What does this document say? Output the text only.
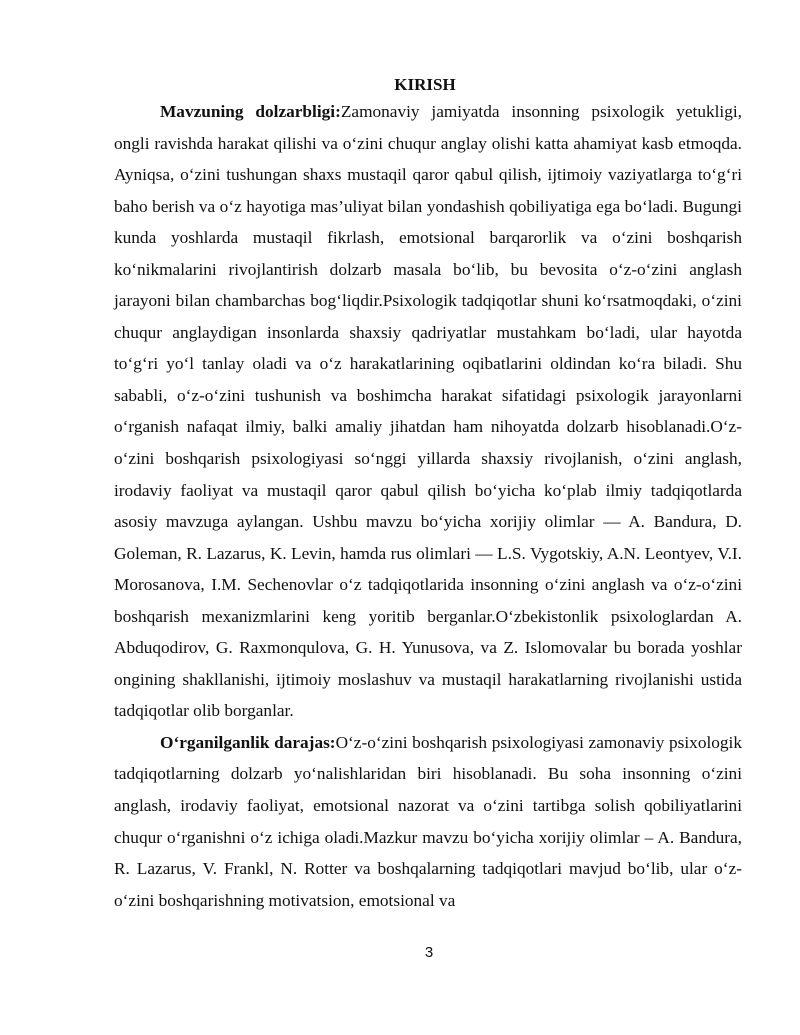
KIRISH

Mavzuning dolzarbligi:Zamonaviy jamiyatda insonning psixologik yetukligi, ongli ravishda harakat qilishi va o‘zini chuqur anglay olishi katta ahamiyat kasb etmoqda. Ayniqsa, o‘zini tushungan shaxs mustaqil qaror qabul qilish, ijtimoiy vaziyatlarga to‘g‘ri baho berish va o‘z hayotiga mas’uliyat bilan yondashish qobiliyatiga ega bo‘ladi. Bugungi kunda yoshlarda mustaqil fikrlash, emotsional barqarorlik va o‘zini boshqarish ko‘nikmalarini rivojlantirish dolzarb masala bo‘lib, bu bevosita o‘z-o‘zini anglash jarayoni bilan chambarchas bog‘liqdir.Psixologik tadqiqotlar shuni ko‘rsatmoqdaki, o‘zini chuqur anglaydigan insonlarda shaxsiy qadriyatlar mustahkam bo‘ladi, ular hayotda to‘g‘ri yo‘l tanlay oladi va o‘z harakatlarining oqibatlarini oldindan ko‘ra biladi. Shu sababli, o‘z-o‘zini tushunish va boshimcha harakat sifatidagi psixologik jarayonlarni o‘rganish nafaqat ilmiy, balki amaliy jihatdan ham nihoyatda dolzarb hisoblanadi.O‘z-o‘zini boshqarish psixologiyasi so‘nggi yillarda shaxsiy rivojlanish, o‘zini anglash, irodaviy faoliyat va mustaqil qaror qabul qilish bo‘yicha ko‘plab ilmiy tadqiqotlarda asosiy mavzuga aylangan. Ushbu mavzu bo‘yicha xorijiy olimlar — A. Bandura, D. Goleman, R. Lazarus, K. Levin, hamda rus olimlari — L.S. Vygotskiy, A.N. Leontyev, V.I. Morosanova, I.M. Sechenovlar o‘z tadqiqotlarida insonning o‘zini anglash va o‘z-o‘zini boshqarish mexanizmlarini keng yoritib berganlar.O‘zbekistonlik psixologlardan A. Abduqodirov, G. Raxmonqulova, G. H. Yunusova, va Z. Islomovalar bu borada yoshlar ongining shakllanishi, ijtimoiy moslashuv va mustaqil harakatlarning rivojlanishi ustida tadqiqotlar olib borganlar.

O‘rganilganlik darajas:O‘z-o‘zini boshqarish psixologiyasi zamonaviy psixologik tadqiqotlarning dolzarb yo‘nalishlaridan biri hisoblanadi. Bu soha insonning o‘zini anglash, irodaviy faoliyat, emotsional nazorat va o‘zini tartibga solish qobiliyatlarini chuqur o‘rganishni o‘z ichiga oladi.Mazkur mavzu bo‘yicha xorijiy olimlar – A. Bandura, R. Lazarus, V. Frankl, N. Rotter va boshqalarning tadqiqotlari mavjud bo‘lib, ular o‘z-o‘zini boshqarishning motivatsion, emotsional va

3
